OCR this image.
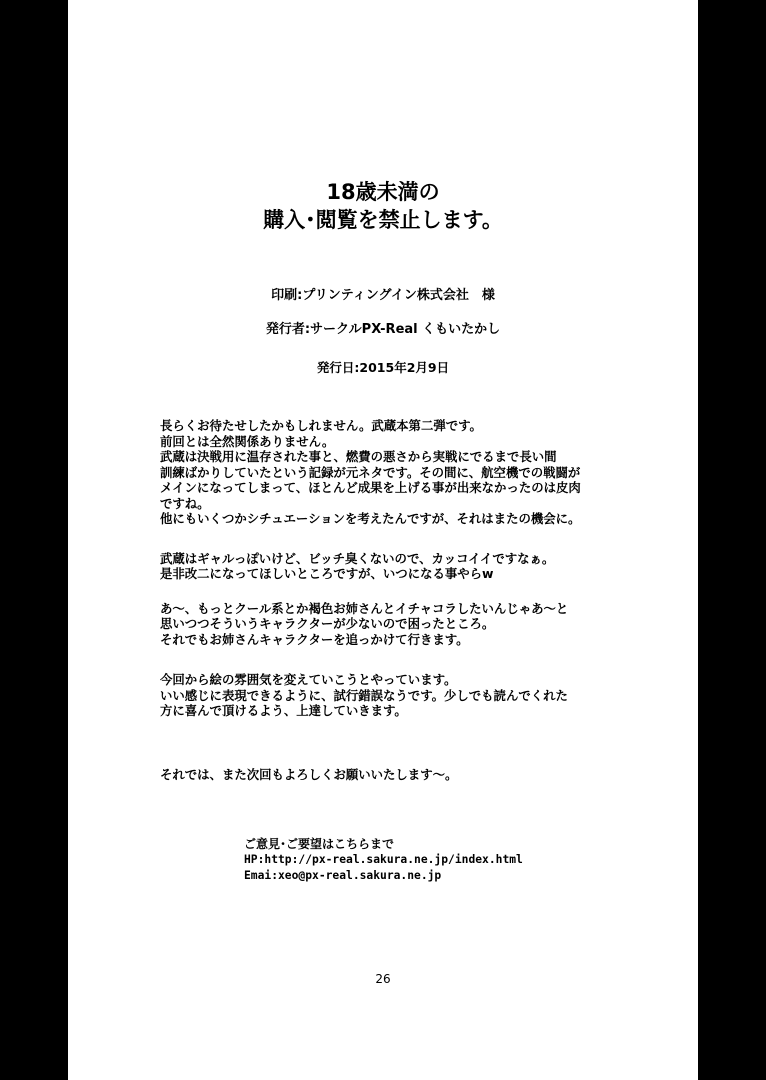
18歳未満の
購入･閲覧を禁止します。
印刷:プリンティングイン株式会社　様
発行者:サークルPX-Real くもいたかし
発行日:2015年2月9日

長らくお待たせしたかもしれません。武蔵本第二弾です。

前回とは全然関係ありません。

武蔵は決戦用に温存された事と、燃費の悪さから実戦にでるまで長い間

訓練ばかりしていたという記録が元ネタです。その間に、航空機での戦闘が

メインになってしまって、ほとんど成果を上げる事が出来なかったのは皮肉

ですね。

他にもいくつかシチュエーションを考えたんですが、それはまたの機会に。

武蔵はギャルっぽいけど、ビッチ臭くないので、カッコイイですなぁ。

是非改二になってほしいところですが、いつになる事やらw

あ～、もっとクール系とか褐色お姉さんとイチャコラしたいんじゃあ～と

思いつつそういうキャラクターが少ないので困ったところ。

それでもお姉さんキャラクターを追っかけて行きます。

今回から絵の雰囲気を変えていこうとやっています。

いい感じに表現できるように、試行錯誤なうです。少しでも読んでくれた

方に喜んで頂けるよう、上達していきます。

それでは、また次回もよろしくお願いいたします～。

ご意見･ご要望はこちらまで
HP:http://px-real.sakura.ne.jp/index.html
Emai:xeo@px-real.sakura.ne.jp
26
